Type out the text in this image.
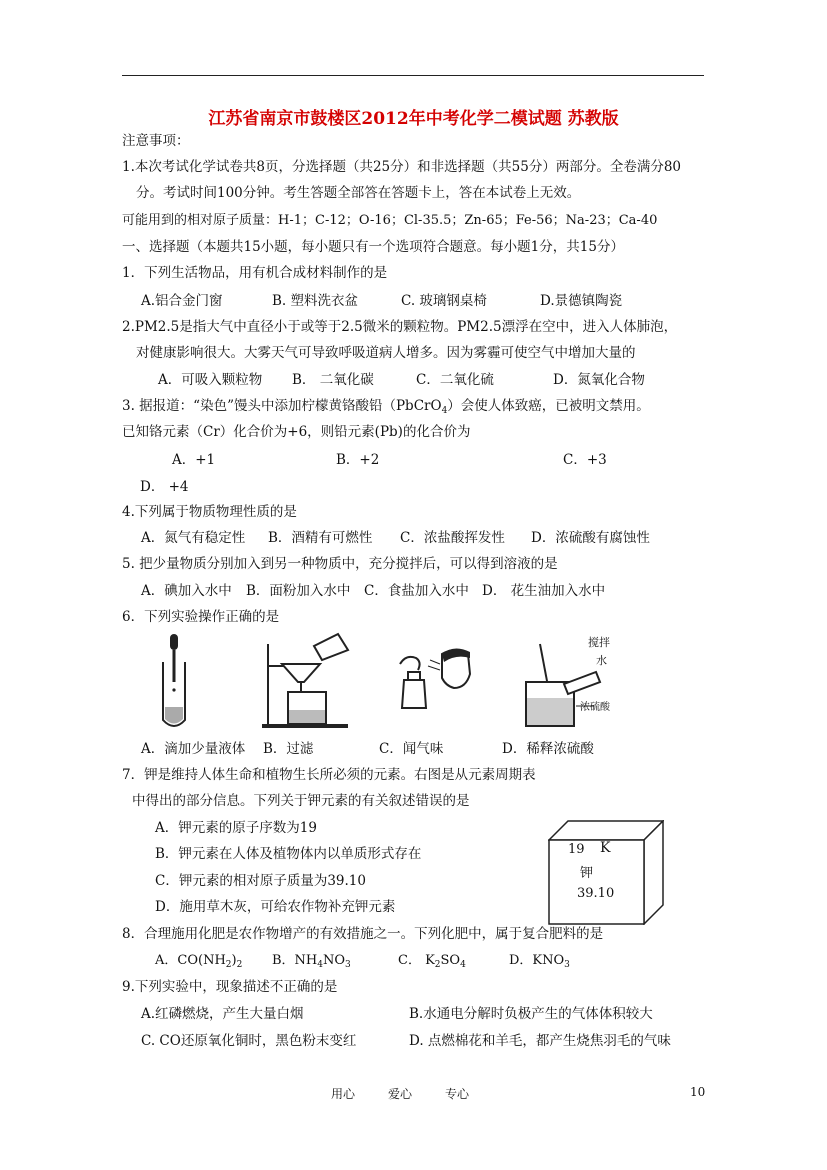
江苏省南京市鼓楼区2012年中考化学二模试题 苏教版
注意事项：
1.本次考试化学试卷共8页，分选择题（共25分）和非选择题（共55分）两部分。全卷满分80
分。考试时间100分钟。考生答题全部答在答题卡上，答在本试卷上无效。
可能用到的相对原子质量：H-1；C-12；O-16；Cl-35.5；Zn-65；Fe-56；Na-23；Ca-40
一、选择题（本题共15小题，每小题只有一个选项符合题意。每小题1分，共15分）
1．下列生活物品，用有机合成材料制作的是
A.铝合金门窗	B. 塑料洗衣盆	C. 玻璃钢桌椅	D.景德镇陶瓷
2.PM2.5是指大气中直径小于或等于2.5微米的颗粒物。PM2.5漂浮在空中，进入人体肺泡，
对健康影响很大。大雾天气可导致呼吸道病人增多。因为雾霾可使空气中增加大量的
A．可吸入颗粒物 B． 二氧化碳	C．二氧化硫	D．氮氧化合物
3. 据报道：“染色”馒头中添加柠檬黄铬酸铅（PbCrO$_4$）会使人体致癌，已被明文禁用。
已知铬元素（Cr）化合价为+6，则铅元素(Pb)的化合价为
A．+1	B．+2	C．+3
D． +4
4.下列属于物质物理性质的是
A．氮气有稳定性 B．酒精有可燃性 C．浓盐酸挥发性 D．浓硫酸有腐蚀性
5. 把少量物质分别加入到另一种物质中，充分搅拌后，可以得到溶液的是
A．碘加入水中 B．面粉加入水中 C．食盐加入水中 D． 花生油加入水中
6．下列实验操作正确的是
搅拌
水
浓硫酸
A．滴加少量液体 B．过滤	C．闻气味	D．稀释浓硫酸
7．钾是维持人体生命和植物生长所必须的元素。右图是从元素周期表
中得出的部分信息。下列关于钾元素的有关叙述错误的是
A．钾元素的原子序数为19
B．钾元素在人体及植物体内以单质形式存在
C．钾元素的相对原子质量为39.10
D．施用草木灰，可给农作物补充钾元素
19 K
钾
39.10
8．合理施用化肥是农作物增产的有效措施之一。下列化肥中，属于复合肥料的是
A．$CO(NH_2)_2$ B．$NH_4NO_3$	C． $K_2SO_4$	D．$KNO_3$
9.下列实验中，现象描述不正确的是
A.红磷燃烧，产生大量白烟	B.水通电分解时负极产生的气体体积较大
C. CO还原氧化铜时，黑色粉末变红	D. 点燃棉花和羊毛，都产生烧焦羽毛的气味
用心	爱心	专心	10
